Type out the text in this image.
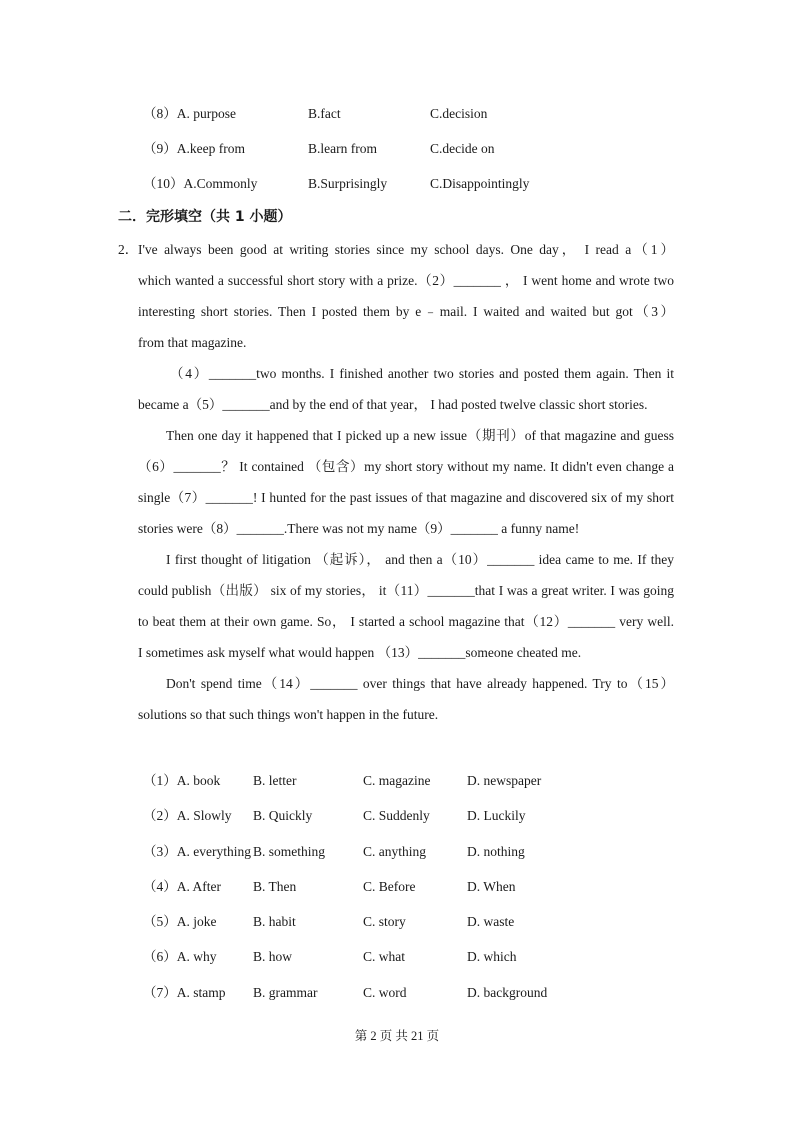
（8）A. purpose	B.fact	C.decision
（9）A.keep from	B.learn from	C.decide on
（10）A.Commonly	B.Surprisingly	C.Disappointingly
二．完形填空（共 1 小题）
2． I've always been good at writing stories since my school days. One day， I read a（1）
which wanted a successful short story with a prize.（2）_______ ， I went home and wrote two
interesting short stories. Then I posted them by e﹣mail. I waited and waited but got（3）
from that magazine.
（4）_______two months. I finished another two stories and posted them again. Then it
became a（5）_______and by the end of that year， I had posted twelve classic short stories.
Then one day it happened that I picked up a new issue（期刊）of that magazine and guess
（6）_______？ It contained （包含）my short story without my name. It didn't even change a
single（7）_______! I hunted for the past issues of that magazine and discovered six of my short
stories were（8）_______.There was not my name（9）_______ a funny name!
I first thought of litigation （起诉）， and then a（10）_______ idea came to me. If they
could publish（出版） six of my stories， it（11）_______that I was a great writer. I was going
to beat them at their own game. So， I started a school magazine that（12）_______ very well.
I sometimes ask myself what would happen （13）_______someone cheated me.
Don't spend time（14）_______ over things that have already happened. Try to（15）
solutions so that such things won't happen in the future.
（1）A. book B. letter	C. magazine	D. newspaper
（2）A. Slowly B. Quickly	C. Suddenly	D. Luckily
（3）A. everything B. something	C. anything	D. nothing
（4）A. After B. Then	C. Before	D. When
（5）A. joke	B. habit	C. story	D. waste
（6）A. why	B. how	C. what	D. which
（7）A. stamp B. grammar	C. word	D. background
第 2 页 共 21 页
